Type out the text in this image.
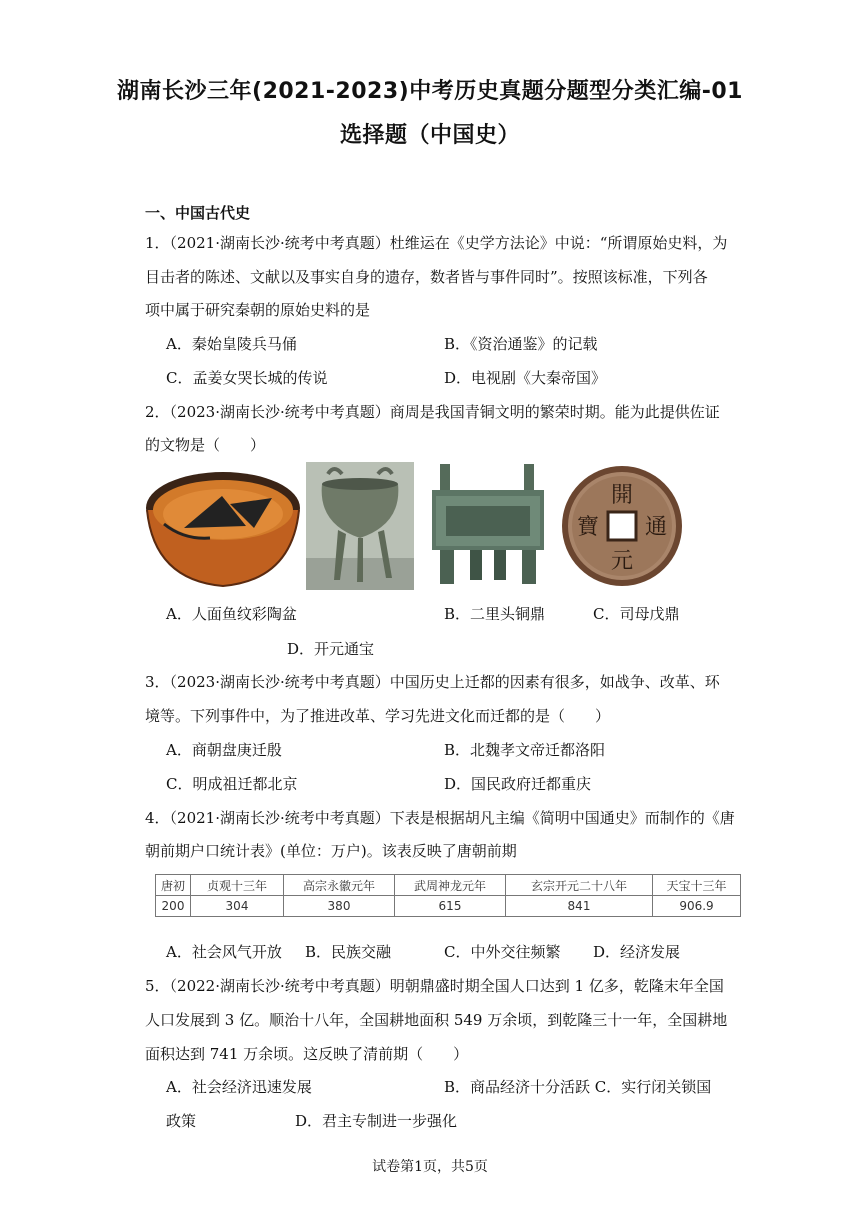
湖南长沙三年(2021-2023)中考历史真题分题型分类汇编-01
选择题（中国史）
一、中国古代史
1．（2021·湖南长沙·统考中考真题）杜维运在《史学方法论》中说：“所谓原始史料，为
目击者的陈述、文献以及事实自身的遗存，数者皆与事件同时”。按照该标准，下列各
项中属于研究秦朝的原始史料的是
A．秦始皇陵兵马俑	B．《资治通鉴》的记载
C．孟姜女哭长城的传说	D．电视剧《大秦帝国》
2．（2023·湖南长沙·统考中考真题）商周是我国青铜文明的繁荣时期。能为此提供佐证
的文物是（　　）
開
元
通
寶
A．人面鱼纹彩陶盆	B．二里头铜鼎	C．司母戊鼎
D．开元通宝
3．（2023·湖南长沙·统考中考真题）中国历史上迁都的因素有很多，如战争、改革、环
境等。下列事件中，为了推进改革、学习先进文化而迁都的是（　　）
A．商朝盘庚迁殷	B．北魏孝文帝迁都洛阳
C．明成祖迁都北京	D．国民政府迁都重庆
4．（2021·湖南长沙·统考中考真题）下表是根据胡凡主编《简明中国通史》而制作的《唐
朝前期户口统计表》(单位：万户)。该表反映了唐朝前期
唐初	贞观十三年	高宗永徽元年	武周神龙元年	玄宗开元二十八年	天宝十三年
200	304	380	615	841	906.9
A．社会风气开放 B．民族交融	C．中外交往频繁 D．经济发展
5．（2022·湖南长沙·统考中考真题）明朝鼎盛时期全国人口达到 1 亿多，乾隆末年全国
人口发展到 3 亿。顺治十八年，全国耕地面积 549 万余顷，到乾隆三十一年，全国耕地
面积达到 741 万余顷。这反映了清前期（　　）
A．社会经济迅速发展	B．商品经济十分活跃 C．实行闭关锁国
政策	D．君主专制进一步强化
试卷第1页，共5页
